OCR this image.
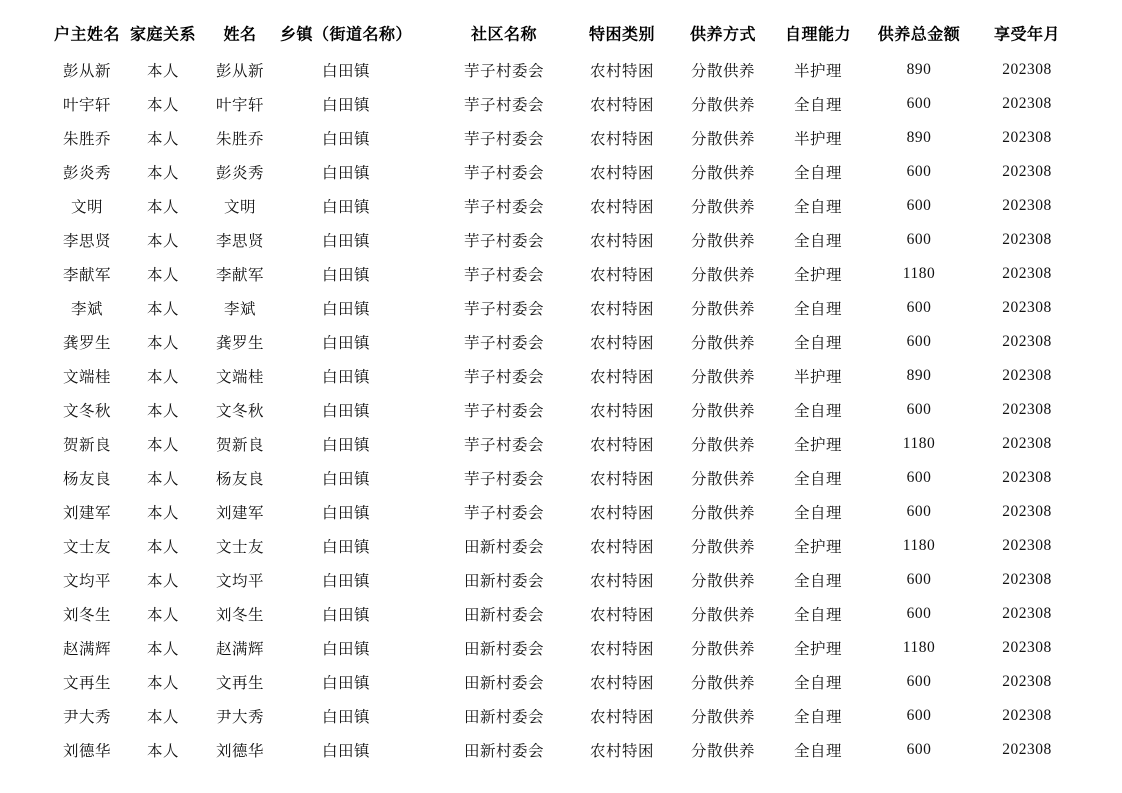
户主姓名 家庭关系 姓名 乡镇（街道名称）	社区名称	特困类别 供养方式 自理能力 供养总金额 享受年月
彭从新 本人 彭从新	白田镇	芋子村委会	农村特困 分散供养	半护理	890	202308
叶宇轩 本人 叶宇轩	白田镇	芋子村委会	农村特困 分散供养	全自理	600	202308
朱胜乔 本人 朱胜乔	白田镇	芋子村委会	农村特困 分散供养	半护理	890	202308
彭炎秀 本人 彭炎秀	白田镇	芋子村委会	农村特困 分散供养	全自理	600	202308
文明	本人	文明	白田镇	芋子村委会	农村特困 分散供养	全自理	600	202308
李思贤 本人 李思贤	白田镇	芋子村委会	农村特困 分散供养	全自理	600	202308
李献军 本人 李献军	白田镇	芋子村委会	农村特困 分散供养	全护理	1180	202308
李斌	本人	李斌	白田镇	芋子村委会	农村特困 分散供养	全自理	600	202308
龚罗生 本人 龚罗生	白田镇	芋子村委会	农村特困 分散供养	全自理	600	202308
文端桂 本人 文端桂	白田镇	芋子村委会	农村特困 分散供养	半护理	890	202308
文冬秋 本人 文冬秋	白田镇	芋子村委会	农村特困 分散供养	全自理	600	202308
贺新良 本人 贺新良	白田镇	芋子村委会	农村特困 分散供养	全护理	1180	202308
杨友良 本人 杨友良	白田镇	芋子村委会	农村特困 分散供养	全自理	600	202308
刘建军 本人 刘建军	白田镇	芋子村委会	农村特困 分散供养	全自理	600	202308
文士友 本人 文士友	白田镇	田新村委会	农村特困 分散供养	全护理	1180	202308
文均平 本人 文均平	白田镇	田新村委会	农村特困 分散供养	全自理	600	202308
刘冬生 本人 刘冬生	白田镇	田新村委会	农村特困 分散供养	全自理	600	202308
赵满辉 本人 赵满辉	白田镇	田新村委会	农村特困 分散供养	全护理	1180	202308
文再生 本人 文再生	白田镇	田新村委会	农村特困 分散供养	全自理	600	202308
尹大秀 本人 尹大秀	白田镇	田新村委会	农村特困 分散供养	全自理	600	202308
刘德华 本人 刘德华	白田镇	田新村委会	农村特困 分散供养	全自理	600	202308
